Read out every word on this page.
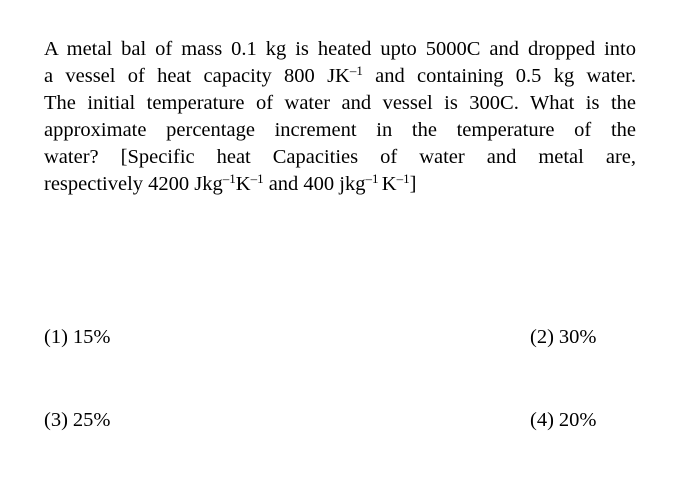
A metal bal of mass 0.1 kg is heated upto 5000C and dropped into
a vessel of heat capacity 800 $JK^{-1}$ and containing 0.5 kg water.
The initial temperature of water and vessel is 300C. What is the
approximate percentage increment in the temperature of the
water? [Specific heat Capacities of water and metal are,
respectively 4200 $Jkg^{-1}K^{-1}$ and 400 jkg$^{-1}$ $K^{-1}$]
(1) 15%	(2) 30%
(3) 25%	(4) 20%
